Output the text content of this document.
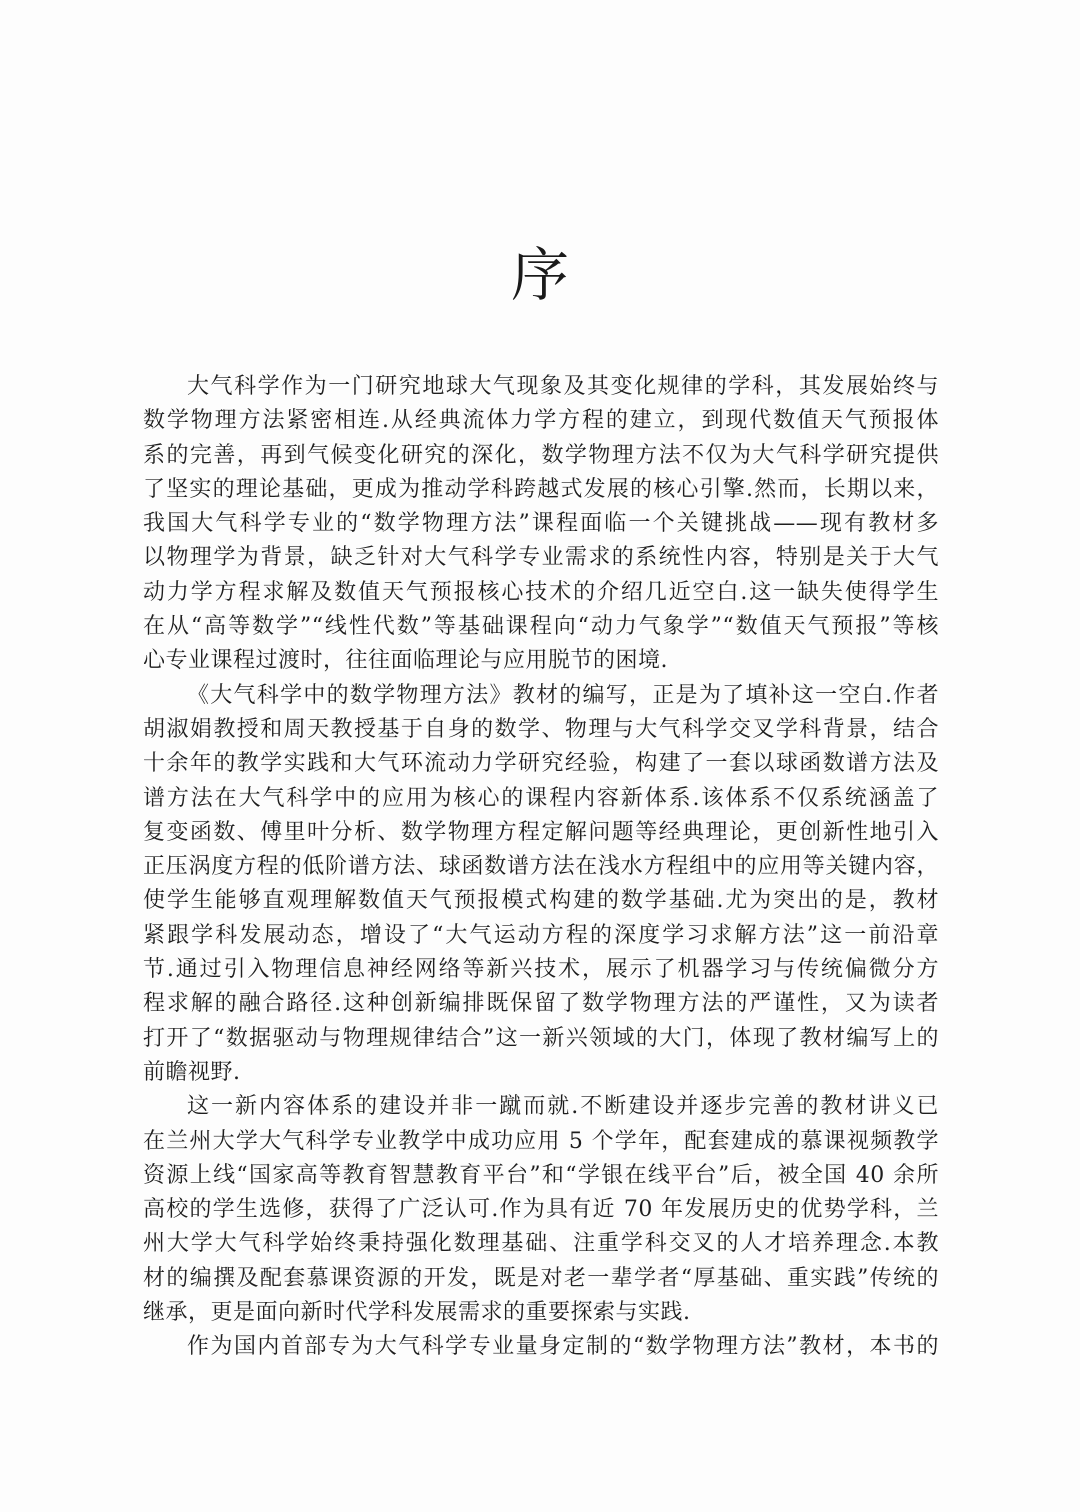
序
大气科学作为一门研究地球大气现象及其变化规律的学科，其发展始终与
数学物理方法紧密相连.从经典流体力学方程的建立，到现代数值天气预报体
系的完善，再到气候变化研究的深化，数学物理方法不仅为大气科学研究提供
了坚实的理论基础，更成为推动学科跨越式发展的核心引擎.然而，长期以来，
我国大气科学专业的“数学物理方法”课程面临一个关键挑战——现有教材多
以物理学为背景，缺乏针对大气科学专业需求的系统性内容，特别是关于大气
动力学方程求解及数值天气预报核心技术的介绍几近空白.这一缺失使得学生
在从“高等数学”“线性代数”等基础课程向“动力气象学”“数值天气预报”等核
心专业课程过渡时，往往面临理论与应用脱节的困境.
《大气科学中的数学物理方法》教材的编写，正是为了填补这一空白.作者
胡淑娟教授和周天教授基于自身的数学、物理与大气科学交叉学科背景，结合
十余年的教学实践和大气环流动力学研究经验，构建了一套以球函数谱方法及
谱方法在大气科学中的应用为核心的课程内容新体系.该体系不仅系统涵盖了
复变函数、傅里叶分析、数学物理方程定解问题等经典理论，更创新性地引入
正压涡度方程的低阶谱方法、球函数谱方法在浅水方程组中的应用等关键内容，
使学生能够直观理解数值天气预报模式构建的数学基础.尤为突出的是，教材
紧跟学科发展动态，增设了“大气运动方程的深度学习求解方法”这一前沿章
节.通过引入物理信息神经网络等新兴技术，展示了机器学习与传统偏微分方
程求解的融合路径.这种创新编排既保留了数学物理方法的严谨性，又为读者
打开了“数据驱动与物理规律结合”这一新兴领域的大门，体现了教材编写上的
前瞻视野.
这一新内容体系的建设并非一蹴而就.不断建设并逐步完善的教材讲义已
在兰州大学大气科学专业教学中成功应用 5 个学年，配套建成的慕课视频教学
资源上线“国家高等教育智慧教育平台”和“学银在线平台”后，被全国 40 余所
高校的学生选修，获得了广泛认可.作为具有近 70 年发展历史的优势学科，兰
州大学大气科学始终秉持强化数理基础、注重学科交叉的人才培养理念.本教
材的编撰及配套慕课资源的开发，既是对老一辈学者“厚基础、重实践”传统的
继承，更是面向新时代学科发展需求的重要探索与实践.
作为国内首部专为大气科学专业量身定制的“数学物理方法”教材，本书的
